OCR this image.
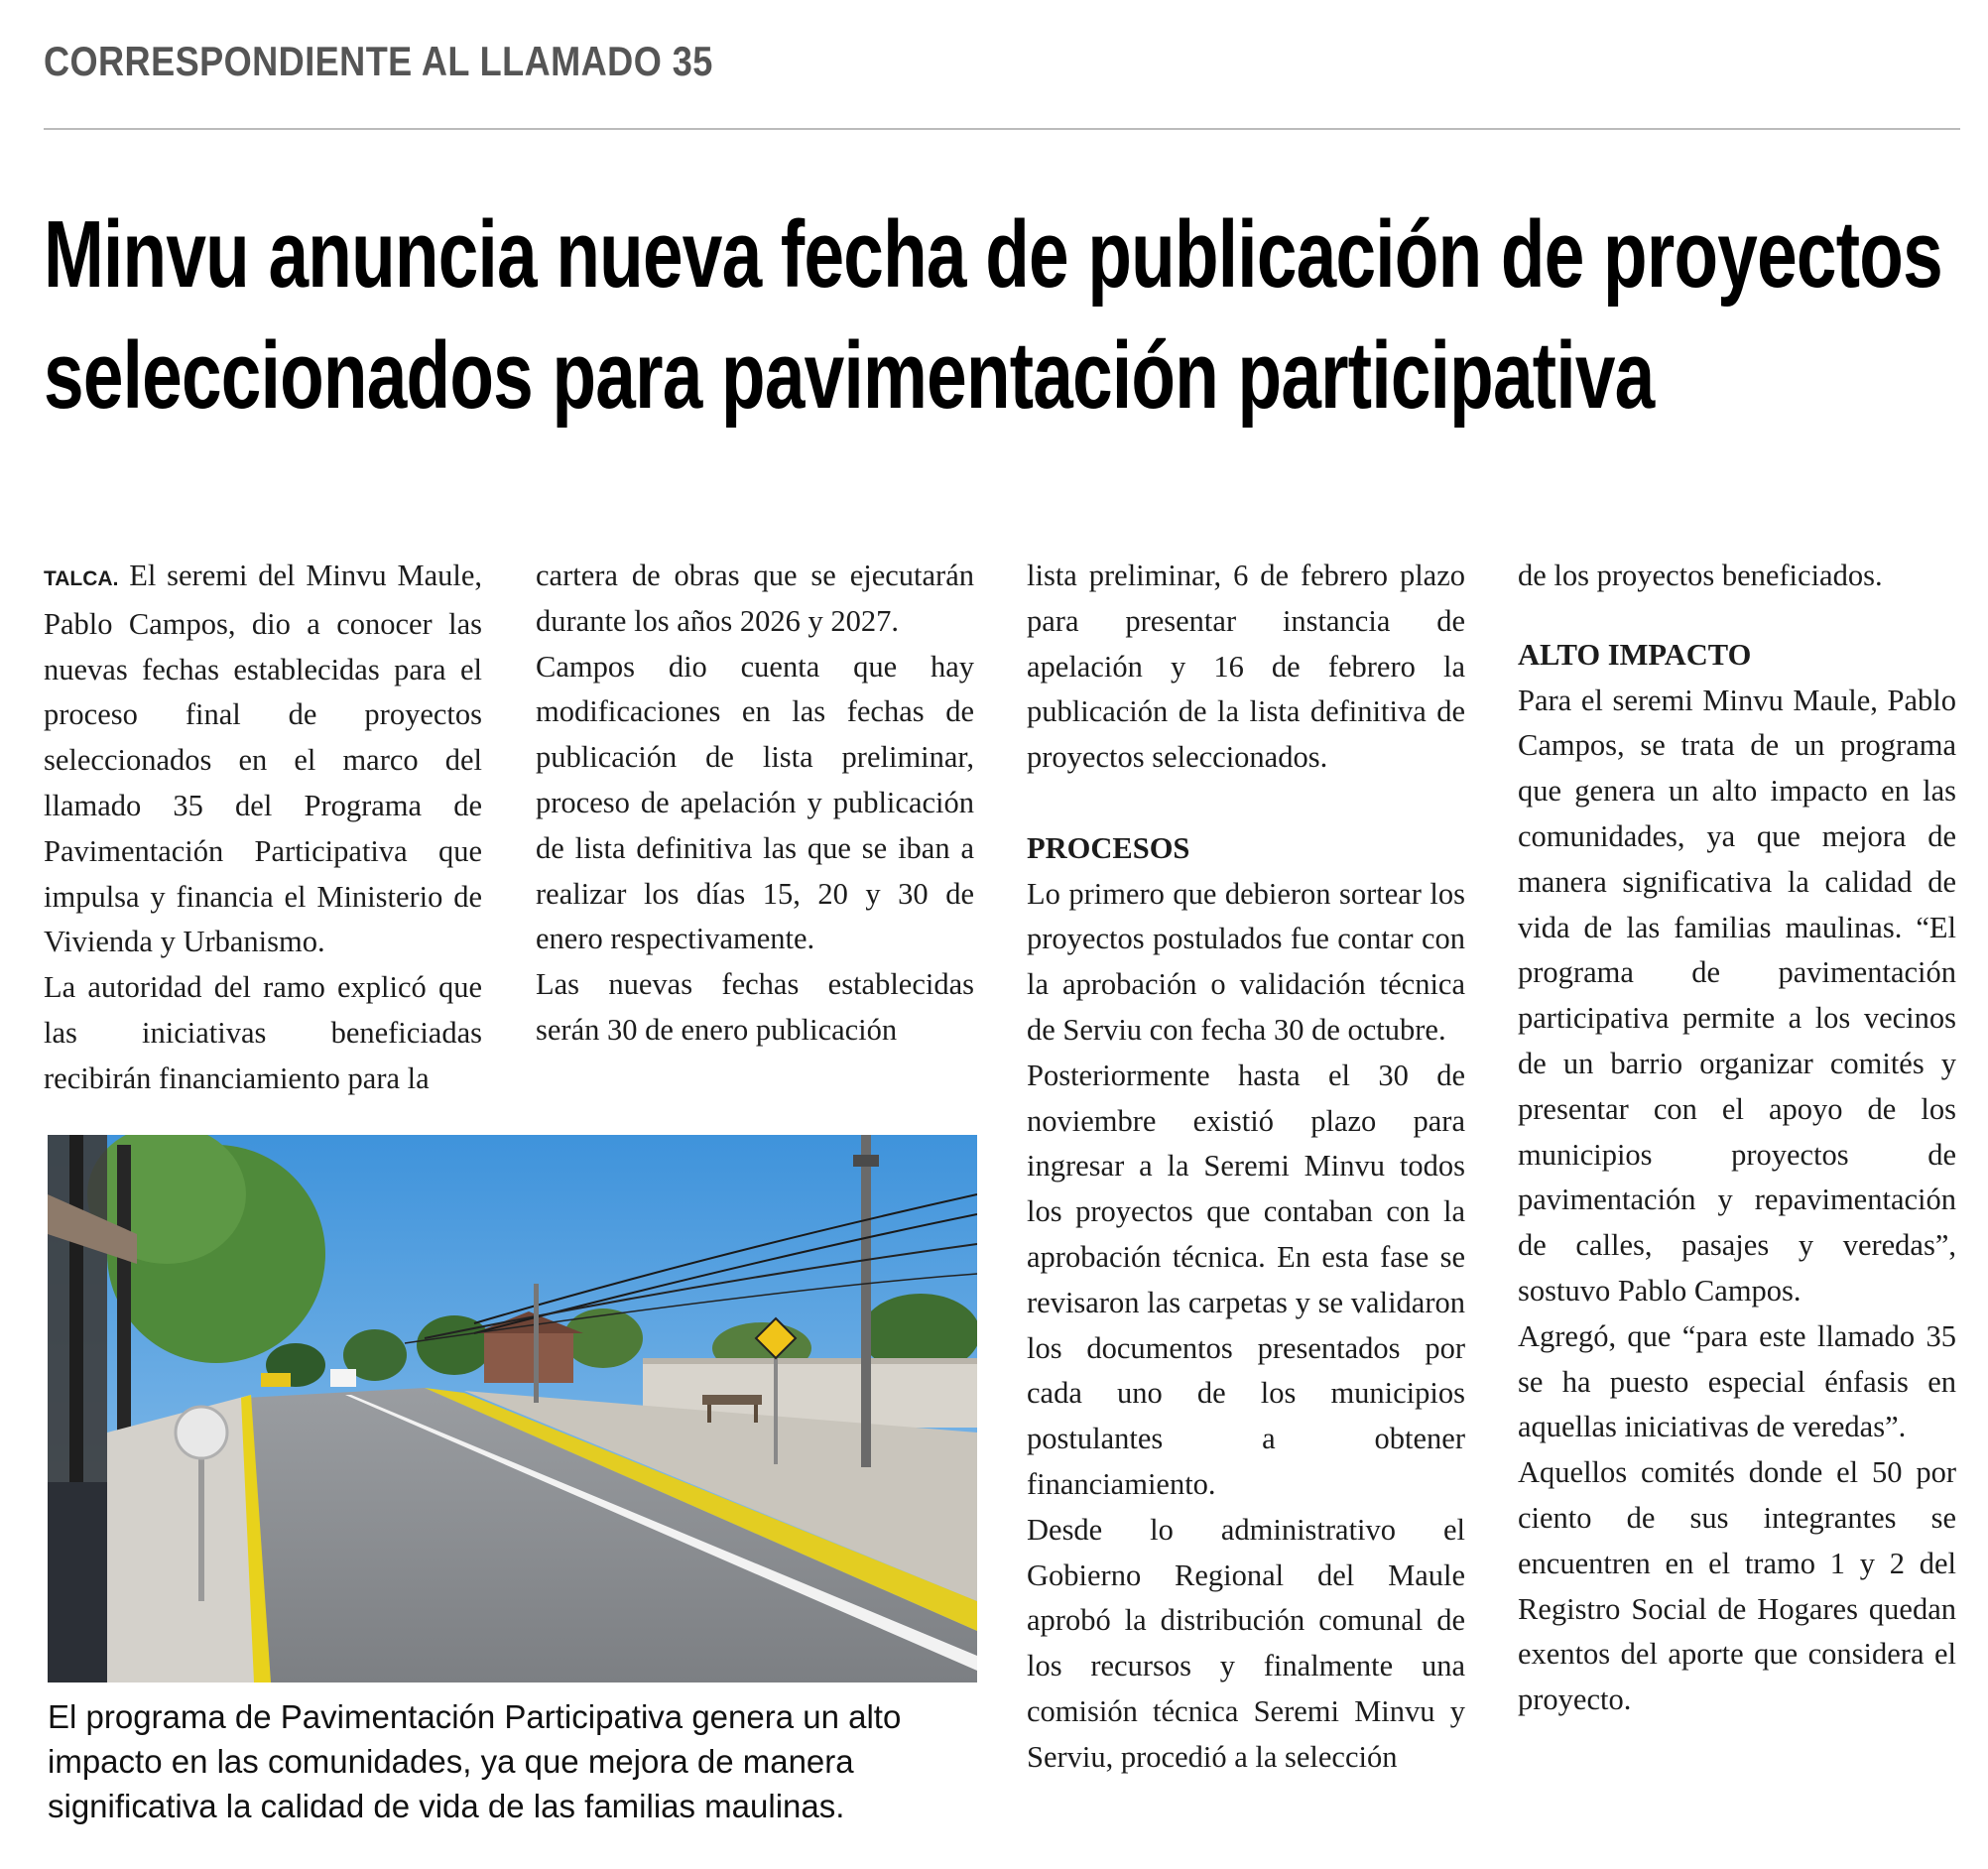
CORRESPONDIENTE AL LLAMADO 35
Minvu anuncia nueva fecha de publicación de proyectos
seleccionados para pavimentación participativa

TALCA. El seremi del Minvu Maule, Pablo Campos, dio a conocer las nuevas fechas establecidas para el proceso final de proyectos seleccionados en el marco del llamado 35 del Programa de Pavimentación Participativa que impulsa y financia el Ministerio de Vivienda y Urbanismo.

La autoridad del ramo explicó que las iniciativas beneficiadas recibirán financiamiento para la

cartera de obras que se ejecutarán durante los años 2026 y 2027.

Campos dio cuenta que hay modificaciones en las fechas de publicación de lista preliminar, proceso de apelación y publicación de lista definitiva las que se iban a realizar los días 15, 20 y 30 de enero respectivamente.

Las nuevas fechas establecidas serán 30 de enero publicación

lista preliminar, 6 de febrero plazo para presentar instancia de apelación y 16 de febrero la publicación de la lista definitiva de proyectos seleccionados.

PROCESOS

Lo primero que debieron sortear los proyectos postulados fue contar con la aprobación o validación técnica de Serviu con fecha 30 de octubre.

Posteriormente hasta el 30 de noviembre existió plazo para ingresar a la Seremi Minvu todos los proyectos que contaban con la aprobación técnica. En esta fase se revisaron las carpetas y se validaron los documentos presentados por cada uno de los municipios postulantes a obtener financiamiento.

Desde lo administrativo el Gobierno Regional del Maule aprobó la distribución comunal de los recursos y finalmente una comisión técnica Seremi Minvu y Serviu, procedió a la selección

de los proyectos beneficiados.

ALTO IMPACTO

Para el seremi Minvu Maule, Pablo Campos, se trata de un programa que genera un alto impacto en las comunidades, ya que mejora de manera significativa la calidad de vida de las familias maulinas. “El programa de pavimentación participativa permite a los vecinos de un barrio organizar comités y presentar con el apoyo de los municipios proyectos de pavimentación y repavimentación de calles, pasajes y veredas”, sostuvo Pablo Campos.

Agregó, que “para este llamado 35 se ha puesto especial énfasis en aquellas iniciativas de veredas”.

Aquellos comités donde el 50 por ciento de sus integrantes se encuentren en el tramo 1 y 2 del Registro Social de Hogares quedan exentos del aporte que considera el proyecto.

El programa de Pavimentación Participativa genera un alto impacto en las comunidades, ya que mejora de manera significativa la calidad de vida de las familias maulinas.
